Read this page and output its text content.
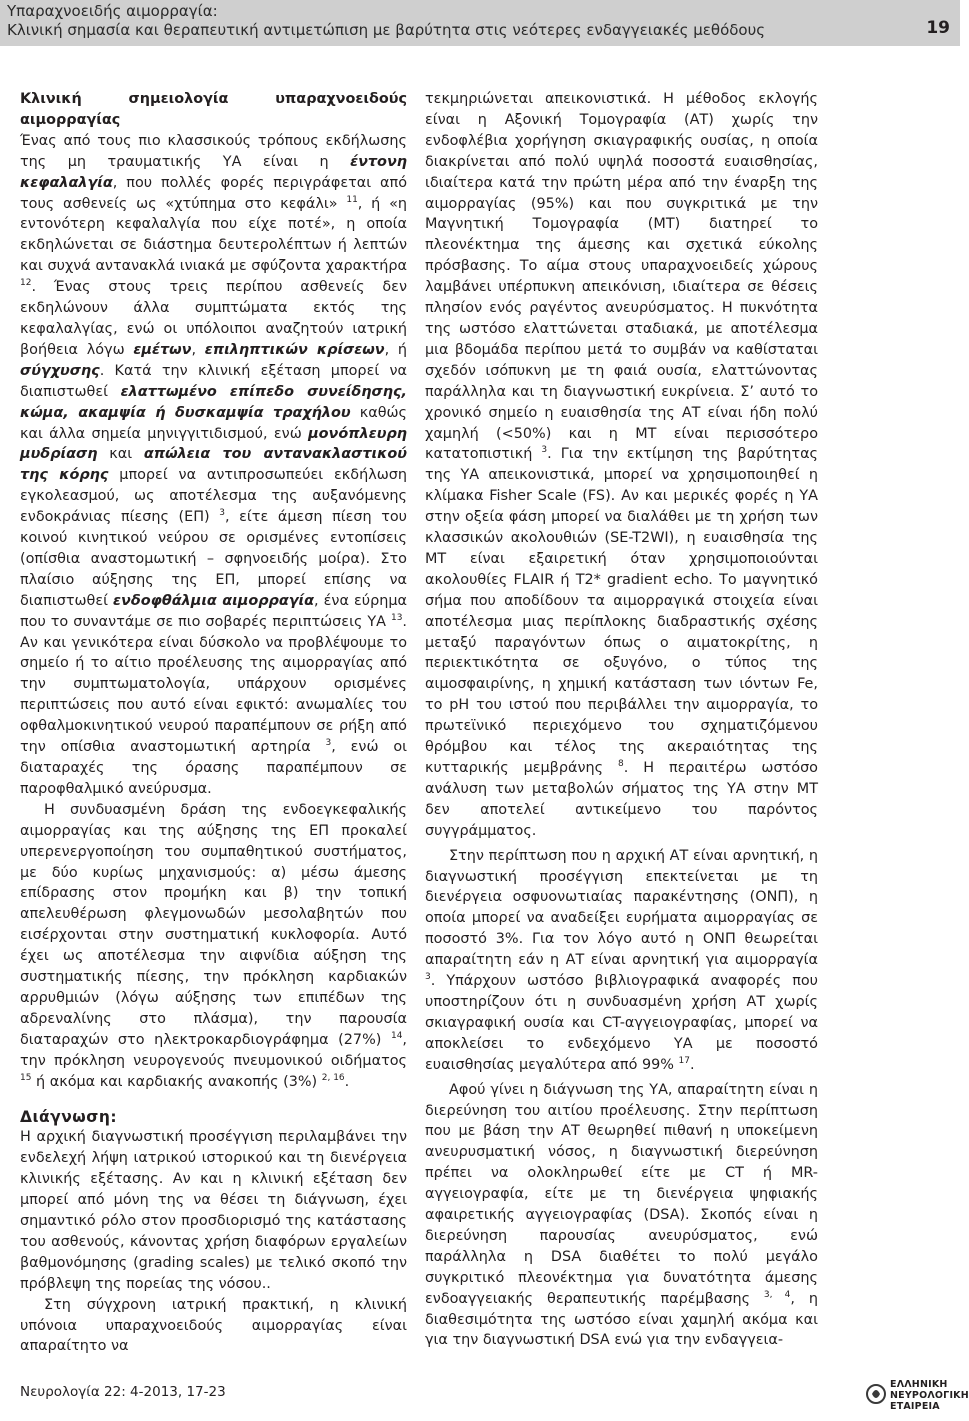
Υπαραχνοειδής αιμορραγία:
Κλινική σημασία και θεραπευτική αντιμετώπιση με βαρύτητα στις νεότερες ενδαγγειακές μεθόδους	19

Κλινική σημειολογία υπαραχνοειδούς αιμορραγίας

Ένας από τους πιο κλασσικούς τρόπους εκδήλωσης της μη τραυματικής ΥΑ είναι η έντονη κεφαλαλγία, που πολλές φορές περιγράφεται από τους ασθενείς ως «χτύπημα στο κεφάλι» $^{11}$, ή «η εντονότερη κεφαλαλγία που είχε ποτέ», η οποία εκδηλώνεται σε διάστημα δευτερολέπτων ή λεπτών και συχνά αντανακλά ινιακά με σφύζοντα χαρακτήρα $^{12}$. Ένας στους τρεις περίπου ασθενείς δεν εκδηλώνουν άλλα συμπτώματα εκτός της κεφαλαλγίας, ενώ οι υπόλοιποι αναζητούν ιατρική βοήθεια λόγω εμέτων, επιληπτικών κρίσεων, ή σύγχυσης. Κατά την κλινική εξέταση μπορεί να διαπιστωθεί ελαττωμένο επίπεδο συνείδησης, κώμα, ακαμψία ή δυσκαμψία τραχήλου καθώς και άλλα σημεία μηνιγγιτιδισμού, ενώ μονόπλευρη μυδρίαση και απώλεια του αντανακλαστικού της κόρης μπορεί να αντιπροσωπεύει εκδήλωση εγκολεασμού, ως αποτέλεσμα της αυξανόμενης ενδοκράνιας πίεσης (ΕΠ) $^3$, είτε άμεση πίεση του κοινού κινητικού νεύρου σε ορισμένες εντοπίσεις (οπίσθια αναστομωτική – σφηνοειδής μοίρα). Στο πλαίσιο αύξησης της ΕΠ, μπορεί επίσης να διαπιστωθεί ενδοφθάλμια αιμορραγία, ένα εύρημα που το συναντάμε σε πιο σοβαρές περιπτώσεις ΥΑ $^{13}$. Αν και γενικότερα είναι δύσκολο να προβλέψουμε το σημείο ή το αίτιο προέλευσης της αιμορραγίας από την συμπτωματολογία, υπάρχουν ορισμένες περιπτώσεις που αυτό είναι εφικτό: ανωμαλίες του οφθαλμοκινητικού νευρού παραπέμπουν σε ρήξη από την οπίσθια αναστομωτική αρτηρία $^3$, ενώ οι διαταραχές της όρασης παραπέμπουν σε παροφθαλμικό ανεύρυσμα.

Η συνδυασμένη δράση της ενδοεγκεφαλικής αιμορραγίας και της αύξησης της ΕΠ προκαλεί υπερενεργοποίηση του συμπαθητικού συστήματος, με δύο κυρίως μηχανισμούς: α) μέσω άμεσης επίδρασης στον προμήκη και β) την τοπική απελευθέρωση φλεγμονωδών μεσολαβητών που εισέρχονται στην συστηματική κυκλοφορία. Αυτό έχει ως αποτέλεσμα την αιφνίδια αύξηση της συστηματικής πίεσης, την πρόκληση καρδιακών αρρυθμιών (λόγω αύξησης των επιπέδων της αδρεναλίνης στο πλάσμα), την παρουσία διαταραχών στο ηλεκτροκαρδιογράφημα (27%) $^{14}$, την πρόκληση νευρογενούς πνευμονικού οιδήματος $^{15}$ ή ακόμα και καρδιακής ανακοπής (3%) $^{2, 16}$.

Διάγνωση:

Η αρχική διαγνωστική προσέγγιση περιλαμβάνει την ενδελεχή λήψη ιατρικού ιστορικού και τη διενέργεια κλινικής εξέτασης. Αν και η κλινική εξέταση δεν μπορεί από μόνη της να θέσει τη διάγνωση, έχει σημαντικό ρόλο στον προσδιορισμό της κατάστασης του ασθενούς, κάνοντας χρήση διαφόρων εργαλείων βαθμονόμησης (grading scales) με τελικό σκοπό την πρόβλεψη της πορείας της νόσου..

Στη σύγχρονη ιατρική πρακτική, η κλινική υπόνοια υπαραχνοειδούς αιμορραγίας είναι απαραίτητο να

τεκμηριώνεται απεικονιστικά. Η μέθοδος εκλογής είναι η Αξονική Τομογραφία (ΑΤ) χωρίς την ενδοφλέβια χορήγηση σκιαγραφικής ουσίας, η οποία διακρίνεται από πολύ υψηλά ποσοστά ευαισθησίας, ιδιαίτερα κατά την πρώτη μέρα από την έναρξη της αιμορραγίας (95%) και που συγκριτικά με την Μαγνητική Τομογραφία (ΜΤ) διατηρεί το πλεονέκτημα της άμεσης και σχετικά εύκολης πρόσβασης. Το αίμα στους υπαραχνοειδείς χώρους λαμβάνει υπέρπυκνη απεικόνιση, ιδιαίτερα σε θέσεις πλησίον ενός ραγέντος ανευρύσματος. Η πυκνότητα της ωστόσο ελαττώνεται σταδιακά, με αποτέλεσμα μια βδομάδα περίπου μετά το συμβάν να καθίσταται σχεδόν ισόπυκνη με τη φαιά ουσία, ελαττώνοντας παράλληλα και τη διαγνωστική ευκρίνεια. Σ’ αυτό το χρονικό σημείο η ευαισθησία της ΑΤ είναι ήδη πολύ χαμηλή (<50%) και η ΜΤ είναι περισσότερο κατατοπιστική $^3$. Για την εκτίμηση της βαρύτητας της ΥΑ απεικονιστικά, μπορεί να χρησιμοποιηθεί η κλίμακα Fisher Scale (FS). Αν και μερικές φορές η ΥΑ στην οξεία φάση μπορεί να διαλάθει με τη χρήση των κλασσικών ακολουθιών (SE-T2WI), η ευαισθησία της ΜΤ είναι εξαιρετική όταν χρησιμοποιούνται ακολουθίες FLAIR ή T2* gradient echo. Το μαγνητικό σήμα που αποδίδουν τα αιμορραγικά στοιχεία είναι αποτέλεσμα μιας περίπλοκης διαδραστικής σχέσης μεταξύ παραγόντων όπως ο αιματοκρίτης, η περιεκτικότητα σε οξυγόνο, ο τύπος της αιμοσφαιρίνης, η χημική κατάσταση των ιόντων Fe, το pH του ιστού που περιβάλλει την αιμορραγία, το πρωτεϊνικό περιεχόμενο του σχηματιζόμενου θρόμβου και τέλος της ακεραιότητας της κυτταρικής μεμβράνης $^8$. Η περαιτέρω ωστόσο ανάλυση των μεταβολών σήματος της ΥΑ στην ΜΤ δεν αποτελεί αντικείμενο του παρόντος συγγράμματος.

Στην περίπτωση που η αρχική ΑΤ είναι αρνητική, η διαγνωστική προσέγγιση επεκτείνεται με τη διενέργεια οσφυονωτιαίας παρακέντησης (ΟΝΠ), η οποία μπορεί να αναδείξει ευρήματα αιμορραγίας σε ποσοστό 3%. Για τον λόγο αυτό η ΟΝΠ θεωρείται απαραίτητη εάν η ΑΤ είναι αρνητική για αιμορραγία $^3$. Υπάρχουν ωστόσο βιβλιογραφικά αναφορές που υποστηρίζουν ότι η συνδυασμένη χρήση ΑΤ χωρίς σκιαγραφική ουσία και CT-αγγειογραφίας, μπορεί να αποκλείσει το ενδεχόμενο ΥΑ με ποσοστό ευαισθησίας μεγαλύτερα από 99% $^{17}$.

Αφού γίνει η διάγνωση της ΥΑ, απαραίτητη είναι η διερεύνηση του αιτίου προέλευσης. Στην περίπτωση που με βάση την ΑΤ θεωρηθεί πιθανή η υποκείμενη ανευρυσματική νόσος, η διαγνωστική διερεύνηση πρέπει να ολοκληρωθεί είτε με CT ή MR-αγγειογραφία, είτε με τη διενέργεια ψηφιακής αφαιρετικής αγγειογραφίας (DSA). Σκοπός είναι η διερεύνηση παρουσίας ανευρύσματος, ενώ παράλληλα η DSA διαθέτει το πολύ μεγάλο συγκριτικό πλεονέκτημα για δυνατότητα άμεσης ενδοαγγειακής θεραπευτικής παρέμβασης $^{3, 4}$, η διαθεσιμότητα της ωστόσο είναι χαμηλή ακόμα και για την διαγνωστική DSA ενώ για την ενδαγγεια-

Νευρολογία 22: 4-2013, 17-23	ΕΛΛΗΝΙΚΗ
ΝΕΥΡΟΛΟΓΙΚΗ
ΕΤΑΙΡΕΙΑ
